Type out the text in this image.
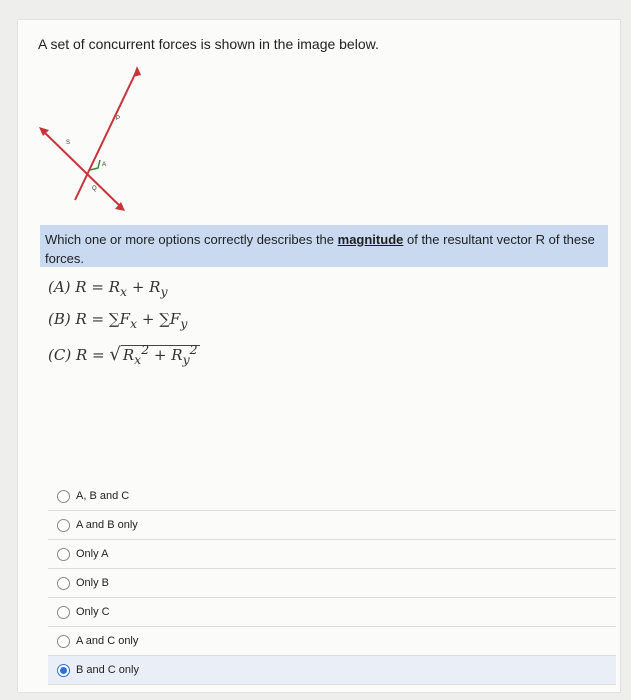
A set of concurrent forces is shown in the image below.
P
S
A
Q
Which one or more options correctly describes the magnitude of the resultant vector R of these forces.
(A) $R = R_x + R_y$
(B) $R = \sum F_x + \sum F_y$
(C) R = √ $R_x^2 + R_y^2$
A, B and C
A and B only
Only A
Only B
Only C
A and C only
B and C only
